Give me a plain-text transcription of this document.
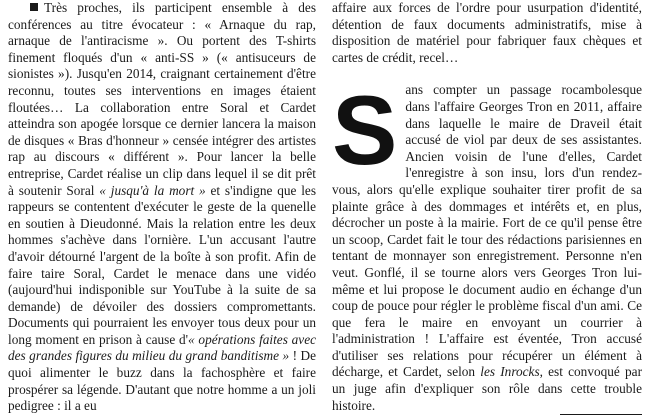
Très proches, ils participent ensemble à des conférences au titre évocateur : « Arnaque du rap, arnaque de l'antiracisme ». Ou portent des T-shirts finement floqués d'un « anti-SS » (« antisuceurs de sionistes »). Jusqu'en 2014, craignant certainement d'être reconnu, toutes ses interventions en images étaient floutées… La collaboration entre Soral et Cardet atteindra son apogée lorsque ce dernier lancera la maison de disques « Bras d'honneur » censée intégrer des artistes rap au discours « différent ». Pour lancer la belle entreprise, Cardet réalise un clip dans lequel il se dit prêt à soutenir Soral « jusqu'à la mort » et s'indigne que les rappeurs se contentent d'exécuter le geste de la quenelle en soutien à Dieudonné. Mais la relation entre les deux hommes s'achève dans l'ornière. L'un accusant l'autre d'avoir détourné l'argent de la boîte à son profit. Afin de faire taire Soral, Cardet le menace dans une vidéo (aujourd'hui indisponible sur YouTube à la suite de sa demande) de dévoiler des dossiers compromettants. Documents qui pourraient les envoyer tous deux pour un long moment en prison à cause d'« opérations faites avec des grandes figures du milieu du grand banditisme » ! De quoi alimenter le buzz dans la fachosphère et faire prospérer sa légende. D'autant que notre homme a un joli pedigree : il a eu

affaire aux forces de l'ordre pour usurpation d'identité, détention de faux documents administratifs, mise à disposition de matériel pour fabriquer faux chèques et cartes de crédit, recel…

Sans compter un passage rocambolesque dans l'affaire Georges Tron en 2011, affaire dans laquelle le maire de Draveil était accusé de viol par deux de ses assistantes. Ancien voisin de l'une d'elles, Cardet l'enregistre à son insu, lors d'un rendez-vous, alors qu'elle explique souhaiter tirer profit de sa plainte grâce à des dommages et intérêts et, en plus, décrocher un poste à la mairie. Fort de ce qu'il pense être un scoop, Cardet fait le tour des rédactions parisiennes en tentant de monnayer son enregistrement. Personne n'en veut. Gonflé, il se tourne alors vers Georges Tron lui-même et lui propose le document audio en échange d'un coup de pouce pour régler le problème fiscal d'un ami. Ce que fera le maire en envoyant un courrier à l'administration ! L'affaire est éventée, Tron accusé d'utiliser ses relations pour récupérer un élément à décharge, et Cardet, selon les Inrocks, est convoqué par un juge afin d'expliquer son rôle dans cette trouble histoire.
